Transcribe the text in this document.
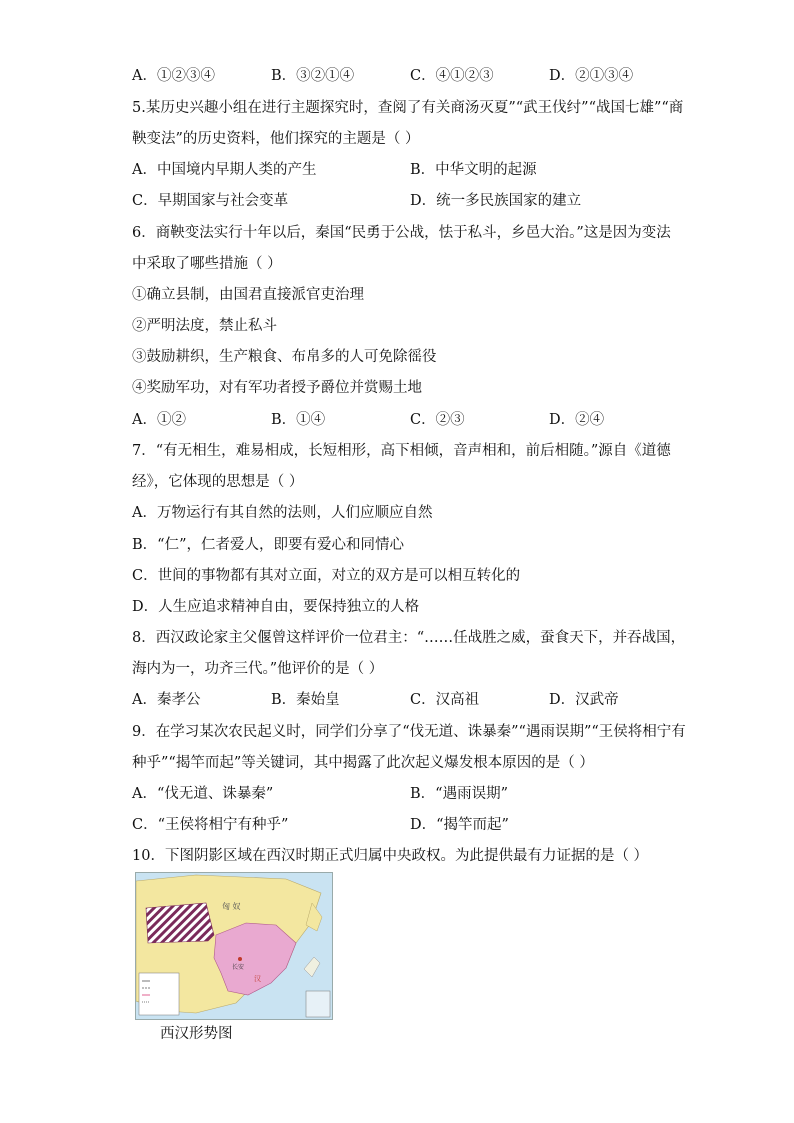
A．①②③④	B．③②①④	C．④①②③	D．②①③④
5.某历史兴趣小组在进行主题探究时，查阅了有关商汤灭夏”“武王伐纣”“战国七雄”“商
鞅变法”的历史资料，他们探究的主题是（ ）
A．中国境内早期人类的产生	B．中华文明的起源
C．早期国家与社会变革	D．统一多民族国家的建立
6．商鞅变法实行十年以后，秦国“民勇于公战，怯于私斗，乡邑大治。”这是因为变法
中采取了哪些措施（ ）
①确立县制，由国君直接派官吏治理
②严明法度，禁止私斗
③鼓励耕织，生产粮食、布帛多的人可免除徭役
④奖励军功，对有军功者授予爵位并赏赐土地
A．①②	B．①④	C．②③	D．②④
7．“有无相生，难易相成，长短相形，高下相倾，音声相和，前后相随。”源自《道德
经》，它体现的思想是（ ）
A．万物运行有其自然的法则，人们应顺应自然
B．“仁”，仁者爱人，即要有爱心和同情心
C．世间的事物都有其对立面，对立的双方是可以相互转化的
D．人生应追求精神自由，要保持独立的人格
8．西汉政论家主父偃曾这样评价一位君主：“……任战胜之威，蚕食天下，并吞战国，
海内为一，功齐三代。”他评价的是（ ）
A．秦孝公	B．秦始皇	C．汉高祖	D．汉武帝
9．在学习某次农民起义时，同学们分享了“伐无道、诛暴秦”“遇雨误期”“王侯将相宁有
种乎”“揭竿而起”等关键词，其中揭露了此次起义爆发根本原因的是（ ）
A．“伐无道、诛暴秦”	B．“遇雨误期”
C．“王侯将相宁有种乎”	D．“揭竿而起”
10．下图阴影区域在西汉时期正式归属中央政权。为此提供最有力证据的是（ ）
匈 奴
长安
汉
西汉形势图
